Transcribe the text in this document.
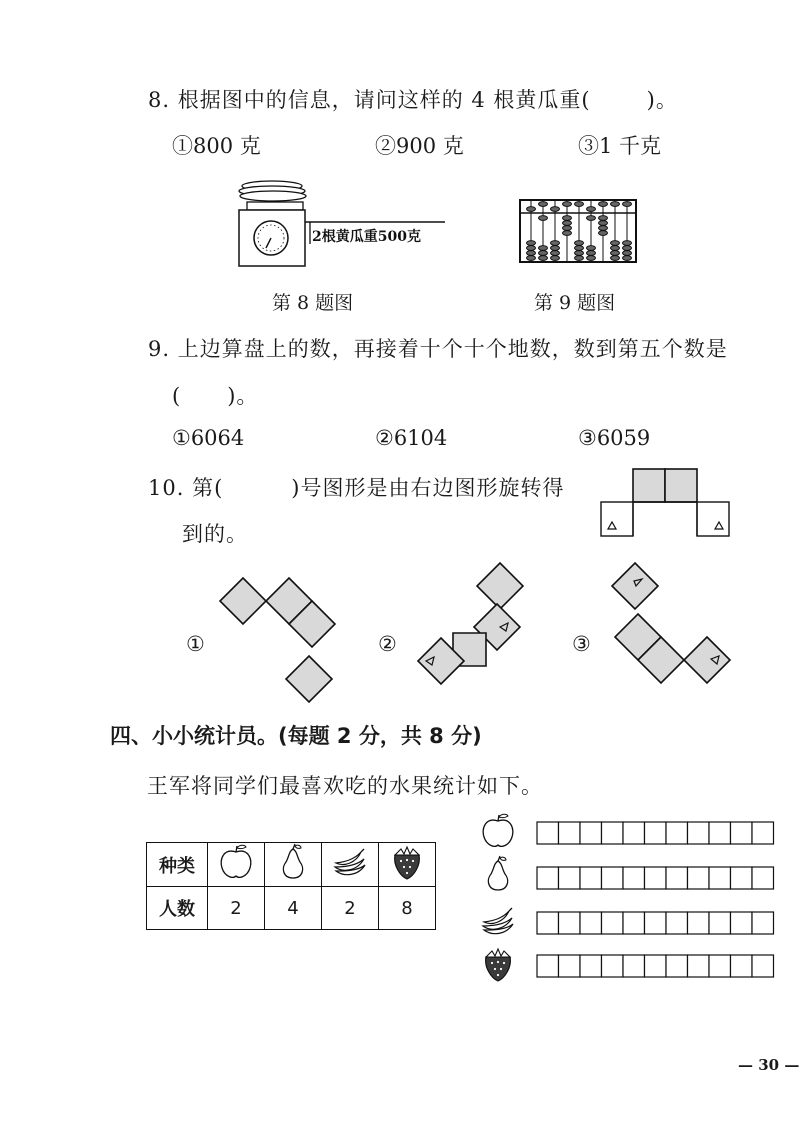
8. 根据图中的信息，请问这样的 4 根黄瓜重(	)。
①800 克	②900 克	③1 千克
2根黄瓜重500克
第 8 题图	第 9 题图
9. 上边算盘上的数，再接着十个十个地数，数到第五个数是
( )。
①6064	②6104	③6059
10. 第(	)号图形是由右边图形旋转得
到的。
①	②	③
四、小小统计员。(每题 2 分，共 8 分)
王军将同学们最喜欢吃的水果统计如下。
种类				
人数	2	4	2	8
— 30 —
